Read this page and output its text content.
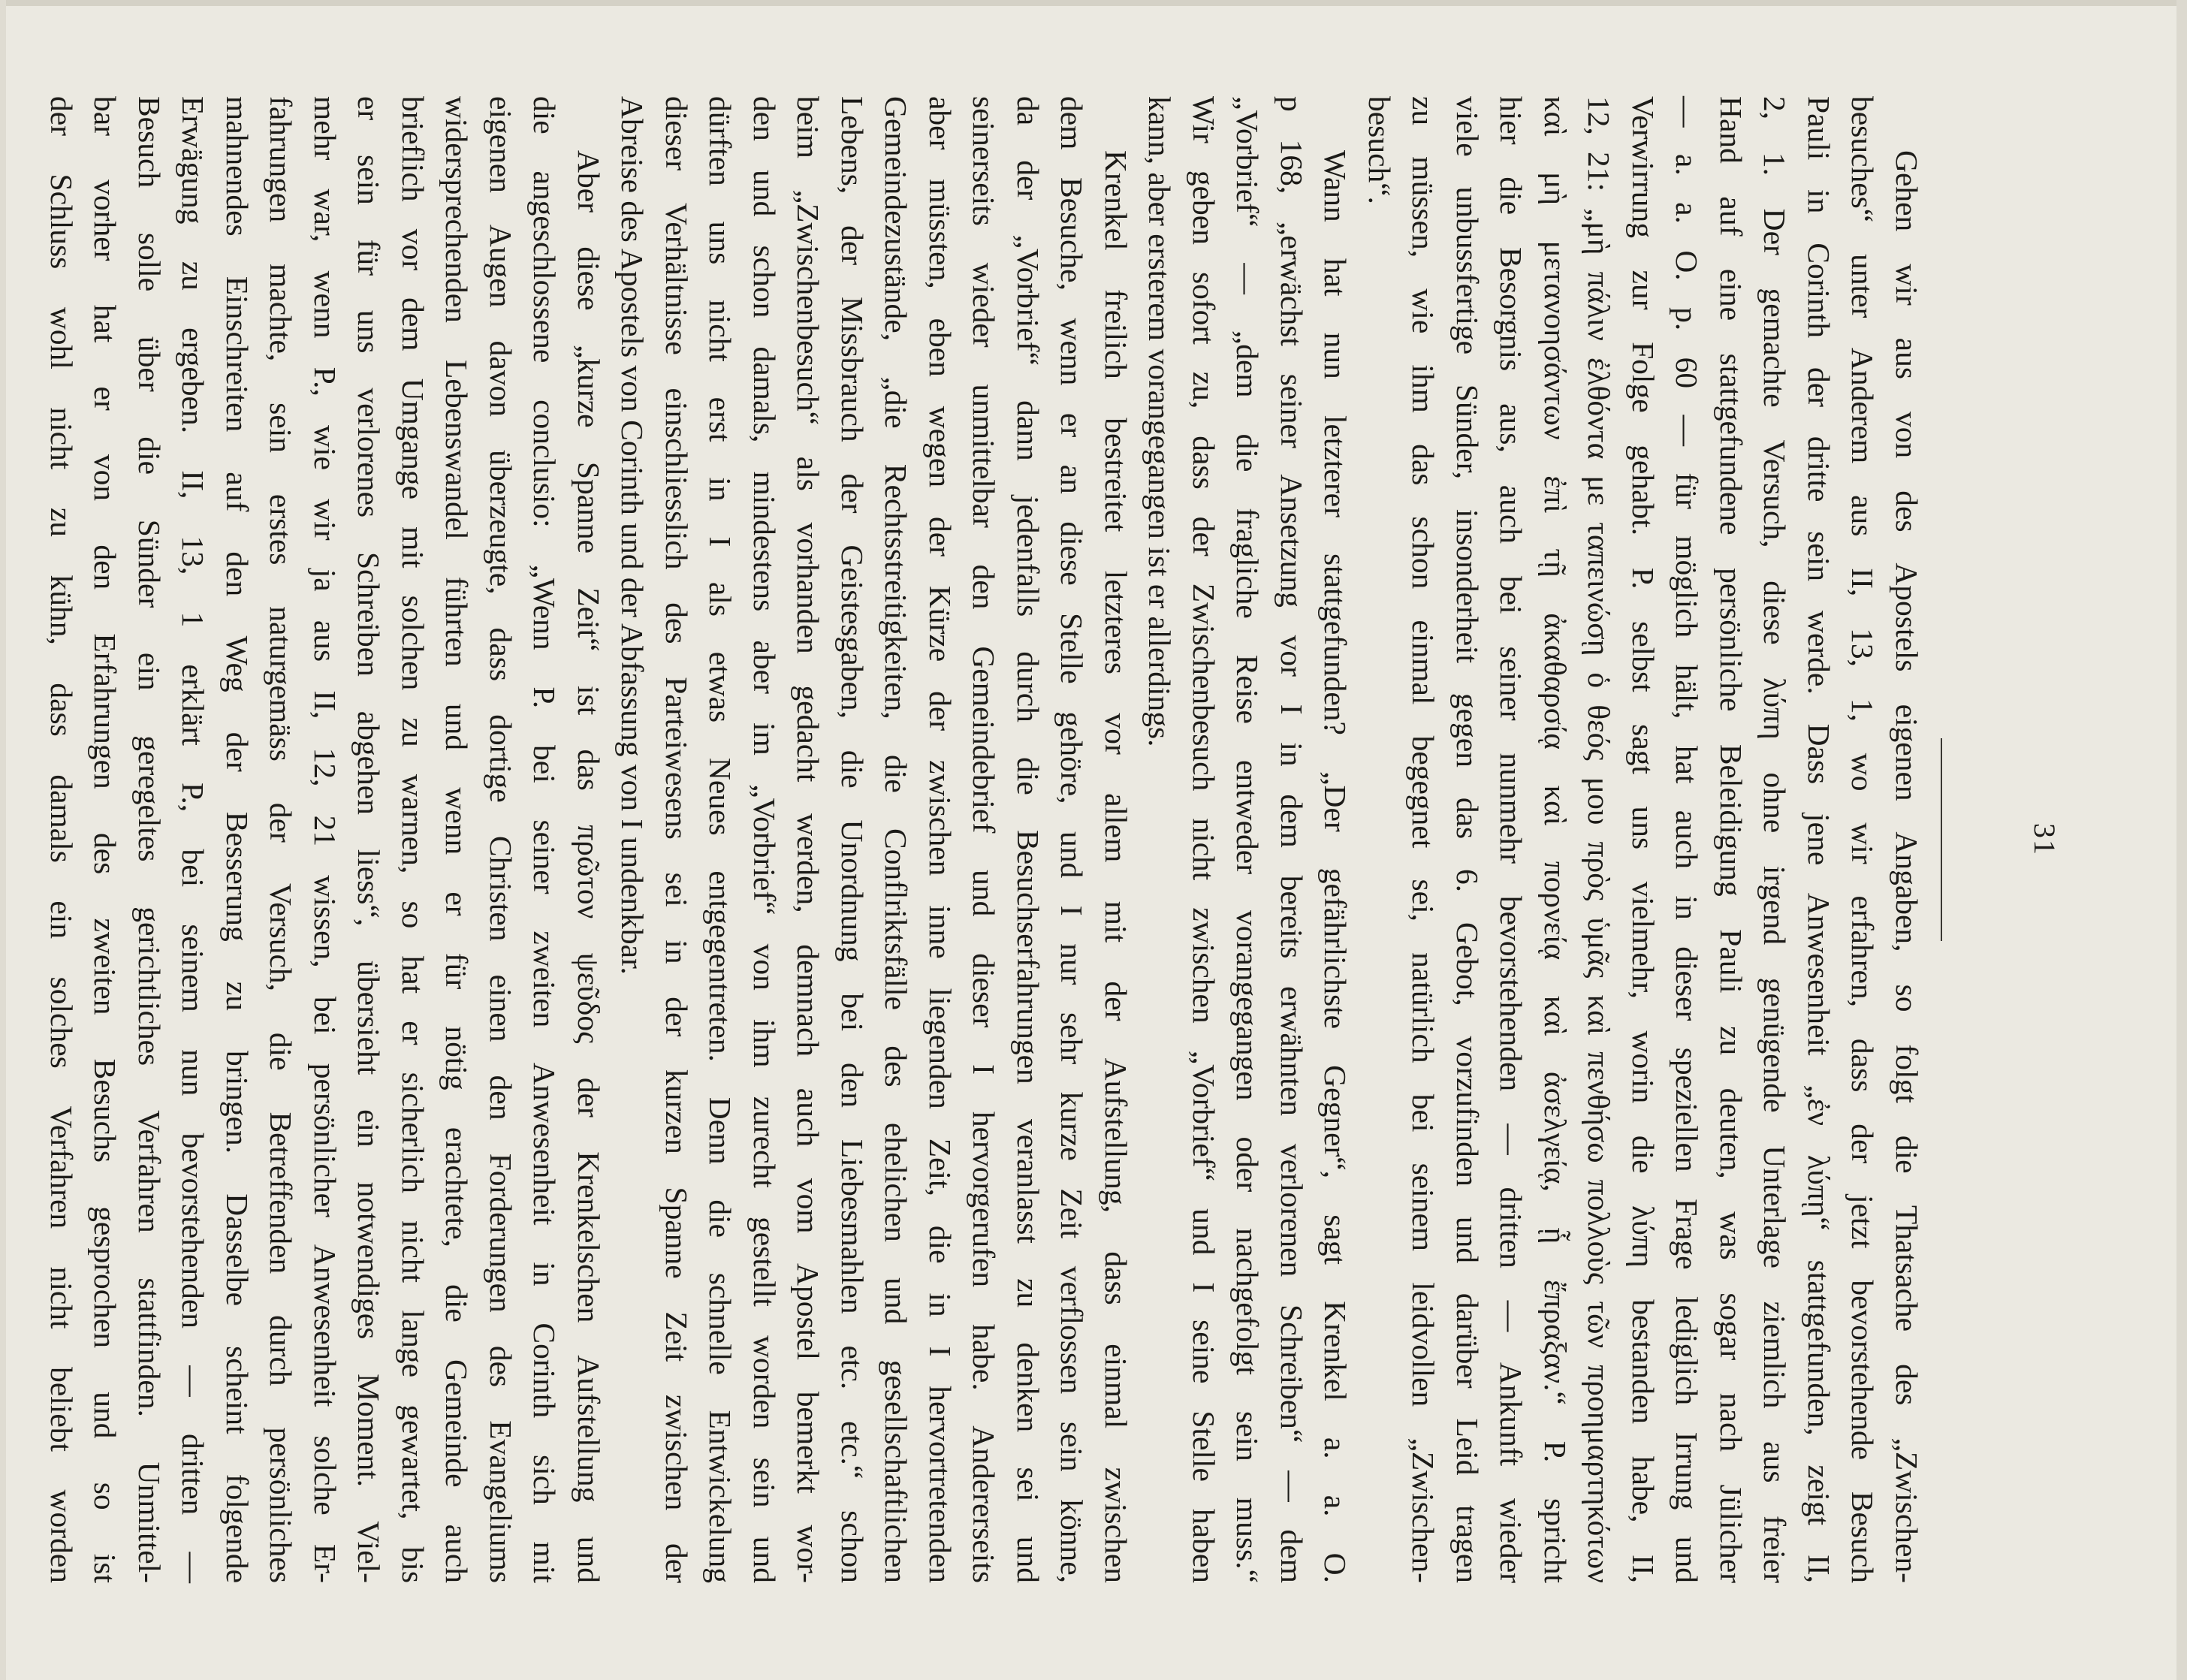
31
Gehen wir aus von des Apostels eigenen Angaben, so folgt die Thatsache des „Zwischen-
besuches“ unter Anderem aus II, 13, 1, wo wir erfahren, dass der jetzt bevorstehende Besuch
Pauli in Corinth der dritte sein werde. Dass jene Anwesenheit „ἐν λύπῃ“ stattgefunden, zeigt II,
2, 1. Der gemachte Versuch, diese λύπη ohne irgend genügende Unterlage ziemlich aus freier
Hand auf eine stattgefundene persönliche Beleidigung Pauli zu deuten, was sogar nach Jülicher
— a. a. O. p. 60 — für möglich hält, hat auch in dieser speziellen Frage lediglich Irrung und
Verwirrung zur Folge gehabt. P. selbst sagt uns vielmehr, worin die λύπη bestanden habe, II,
12, 21: „μὴ πάλιν ἐλθόντα με ταπεινώσῃ ὁ θεός μου πρὸς ὑμᾶς καὶ πενθήσω πολλοὺς τῶν προημαρτηκότων
καὶ μὴ μετανοησάντων ἐπὶ τῇ ἀκαθαρσίᾳ καὶ πορνείᾳ καὶ ἀσελγείᾳ, ᾗ ἔπραξαν.“ P. spricht
hier die Besorgnis aus, auch bei seiner nunmehr bevorstehenden — dritten — Ankunft wieder
viele unbussfertige Sünder, insonderheit gegen das 6. Gebot, vorzufinden und darüber Leid tragen
zu müssen, wie ihm das schon einmal begegnet sei, natürlich bei seinem leidvollen „Zwischen-
besuch“.
Wann hat nun letzterer stattgefunden? „Der gefährlichste Gegner“, sagt Krenkel a. a. O.
p 168, „erwächst seiner Ansetzung vor I in dem bereits erwähnten verlorenen Schreiben“ — dem
„Vorbrief“ — „dem die fragliche Reise entweder vorangegangen oder nachgefolgt sein muss.“
Wir geben sofort zu, dass der Zwischenbesuch nicht zwischen „Vorbrief“ und I seine Stelle haben
kann, aber ersterem vorangegangen ist er allerdings.
Krenkel freilich bestreitet letzteres vor allem mit der Aufstellung, dass einmal zwischen
dem Besuche, wenn er an diese Stelle gehöre, und I nur sehr kurze Zeit verflossen sein könne,
da der „Vorbrief“ dann jedenfalls durch die Besuchserfahrungen veranlasst zu denken sei und
seinerseits wieder unmittelbar den Gemeindebrief und dieser I hervorgerufen habe. Andererseits
aber müssten, eben wegen der Kürze der zwischen inne liegenden Zeit, die in I hervortretenden
Gemeindezustände, „die Rechtsstreitigkeiten, die Conflriktsfälle des ehelichen und gesellschaftlichen
Lebens, der Missbrauch der Geistesgaben, die Unordnung bei den Liebesmahlen etc. etc.“ schon
beim „Zwischenbesuch“ als vorhanden gedacht werden, demnach auch vom Apostel bemerkt wor-
den und schon damals, mindestens aber im „Vorbrief“ von ihm zurecht gestellt worden sein und
dürften uns nicht erst in I als etwas Neues entgegentreten. Denn die schnelle Entwickelung
dieser Verhältnisse einschliesslich des Parteiwesens sei in der kurzen Spanne Zeit zwischen der
Abreise des Apostels von Corinth und der Abfassung von I undenkbar.
Aber diese „kurze Spanne Zeit“ ist das πρῶτον ψεῦδος der Krenkelschen Aufstellung und
die angeschlossene conclusio: „Wenn P. bei seiner zweiten Anwesenheit in Corinth sich mit
eigenen Augen davon überzeugte, dass dortige Christen einen den Forderungen des Evangeliums
widersprechenden Lebenswandel führten und wenn er für nötig erachtete, die Gemeinde auch
brieflich vor dem Umgange mit solchen zu warnen, so hat er sicherlich nicht lange gewartet, bis
er sein für uns verlorenes Schreiben abgehen liess“, übersieht ein notwendiges Moment. Viel-
mehr war, wenn P., wie wir ja aus II, 12, 21 wissen, bei persönlicher Anwesenheit solche Er-
fahrungen machte, sein erstes naturgemäss der Versuch, die Betreffenden durch persönliches
mahnendes Einschreiten auf den Weg der Besserung zu bringen. Dasselbe scheint folgende
Erwägung zu ergeben. II, 13, 1 erklärt P., bei seinem nun bevorstehenden — dritten —
Besuch solle über die Sünder ein geregeltes gerichtliches Verfahren stattfinden. Unmittel-
bar vorher hat er von den Erfahrungen des zweiten Besuchs gesprochen und so ist
der Schluss wohl nicht zu kühn, dass damals ein solches Verfahren nicht beliebt worden
